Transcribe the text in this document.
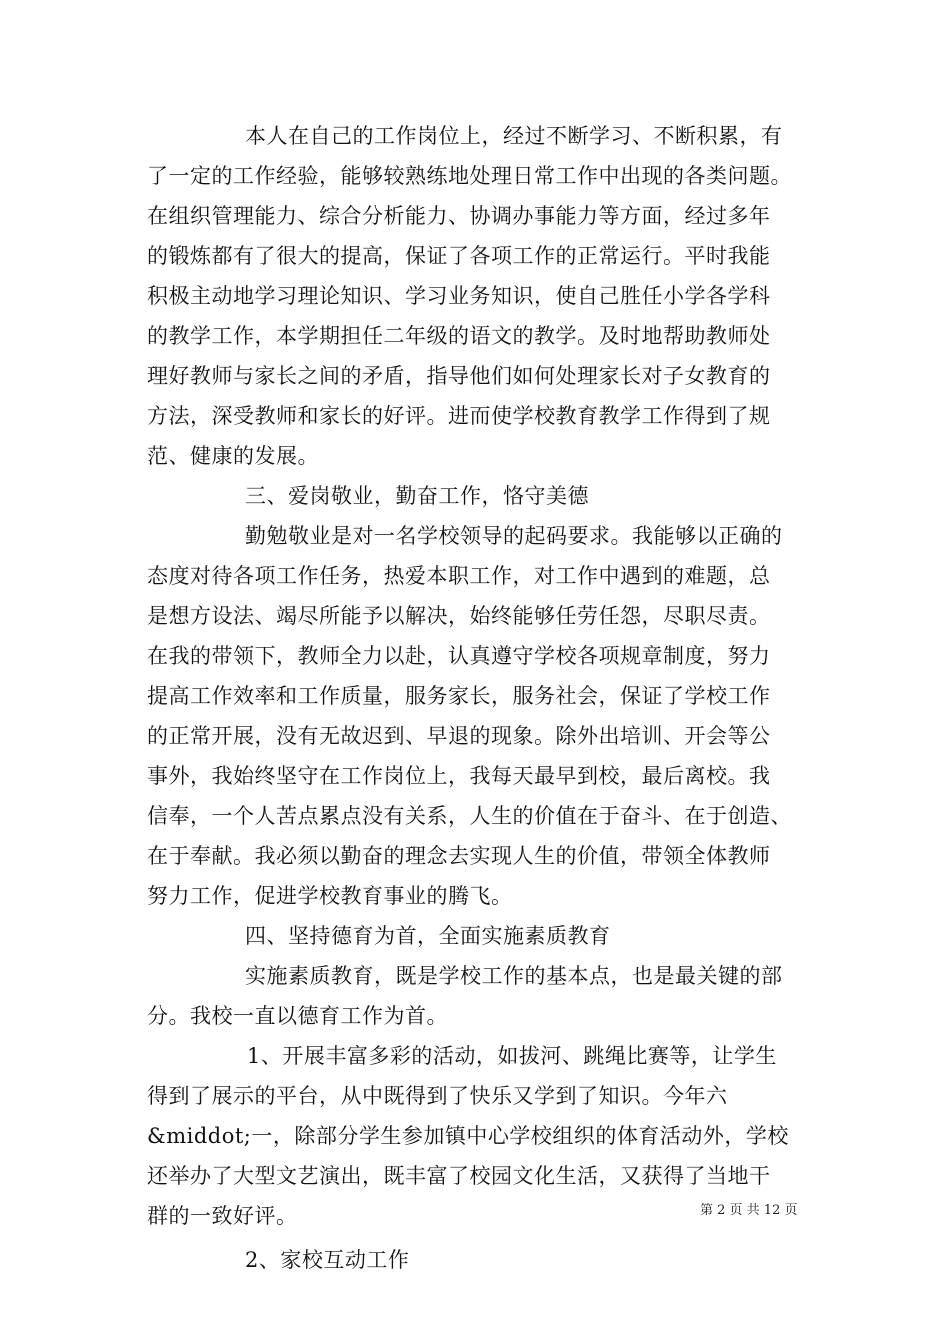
本人在自己的工作岗位上，经过不断学习、不断积累，有
了一定的工作经验，能够较熟练地处理日常工作中出现的各类问题。
在组织管理能力、综合分析能力、协调办事能力等方面，经过多年
的锻炼都有了很大的提高，保证了各项工作的正常运行。平时我能
积极主动地学习理论知识、学习业务知识，使自己胜任小学各学科
的教学工作，本学期担任二年级的语文的教学。及时地帮助教师处
理好教师与家长之间的矛盾，指导他们如何处理家长对子女教育的
方法，深受教师和家长的好评。进而使学校教育教学工作得到了规
范、健康的发展。
三、爱岗敬业，勤奋工作，恪守美德
勤勉敬业是对一名学校领导的起码要求。我能够以正确的
态度对待各项工作任务，热爱本职工作，对工作中遇到的难题，总
是想方设法、竭尽所能予以解决，始终能够任劳任怨，尽职尽责。
在我的带领下，教师全力以赴，认真遵守学校各项规章制度，努力
提高工作效率和工作质量，服务家长，服务社会，保证了学校工作
的正常开展，没有无故迟到、早退的现象。除外出培训、开会等公
事外，我始终坚守在工作岗位上，我每天最早到校，最后离校。我
信奉，一个人苦点累点没有关系，人生的价值在于奋斗、在于创造、
在于奉献。我必须以勤奋的理念去实现人生的价值，带领全体教师
努力工作，促进学校教育事业的腾飞。
四、坚持德育为首，全面实施素质教育
实施素质教育，既是学校工作的基本点，也是最关键的部
分。我校一直以德育工作为首。
1、开展丰富多彩的活动，如拔河、跳绳比赛等，让学生
得到了展示的平台，从中既得到了快乐又学到了知识。今年六
&middot;一，除部分学生参加镇中心学校组织的体育活动外，学校
还举办了大型文艺演出，既丰富了校园文化生活，又获得了当地干
群的一致好评。
2、家校互动工作
第 2 页 共 12 页
